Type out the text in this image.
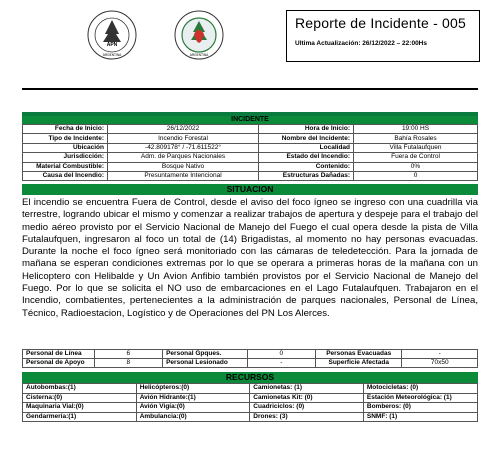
APN
ARGENTINA	ARGENTINA
Reporte de Incidente - 005
Ultima Actualización: 26/12/2022 – 22:00Hs
INCIDENTE
Fecha de Inicio:	26/12/2022	Hora de Inicio:	19:00 HS
Tipo de Incidente:	Incendio Forestal	Nombre del Incidente:	Bahía Rosales
Ubicación	-42.809178° / -71.611522°	Localidad	Villa Futalaufquen
Jurisdicción:	Adm. de Parques Nacionales	Estado del Incendio:	Fuera de Control
Material Combustible:	Bosque Nativo	Contenido:	0%
Causa del Incendio:	Presuntamente Intencional	Estructuras Dañadas:	0
SITUACION
El incendio se encuentra Fuera de Control, desde el aviso del foco ígneo se ingreso con una cuadrilla via terrestre, logrando ubicar el mismo y comenzar a realizar trabajos de apertura y despeje para el trabajo del medio aéreo provisto por el Servicio Nacional de Manejo del Fuego el cual opera desde la pista de Villa Futalaufquen, ingresaron al foco un total de (14) Brigadistas, al momento no hay personas evacuadas. Durante la noche el foco ígneo será monitoriado con las cámaras de teledetección. Para la jornada de mañana se esperan condiciones extremas por lo que se operara a primeras horas de la mañana con un Helicoptero con Helibalde y Un Avion Anfibio también provistos por el Servicio Nacional de Manejo del Fuego. Por lo que se solicita el NO uso de embarcaciones en el Lago Futalaufquen. Trabajaron en el Incendio, combatientes, pertenecientes a la administración de parques nacionales, Personal de Línea, Técnico, Radioestacion, Logístico y de Operaciones del PN Los Alerces.
Personal de Línea	6	Personal Gpques.	0	Personas Evacuadas	-
Personal de Apoyo	8	Personal Lesionado	-	Superficie Afectada	70x50
RECURSOS
Autobombas:(1)	Helicópteros:(0)	Camionetas: (1)	Motocicletas: (0)
Cisterna:(0)	Avión Hidrante:(1)	Camionetas Kit: (0)	Estación Meteorológica: (1)
Maquinaria Vial:(0)	Avión Vigía:(0)	Cuadriciclos: (0)	Bomberos: (0)
Gendarmería:(1)	Ambulancia:(0)	Drones: (3)	SNMF: (1)
